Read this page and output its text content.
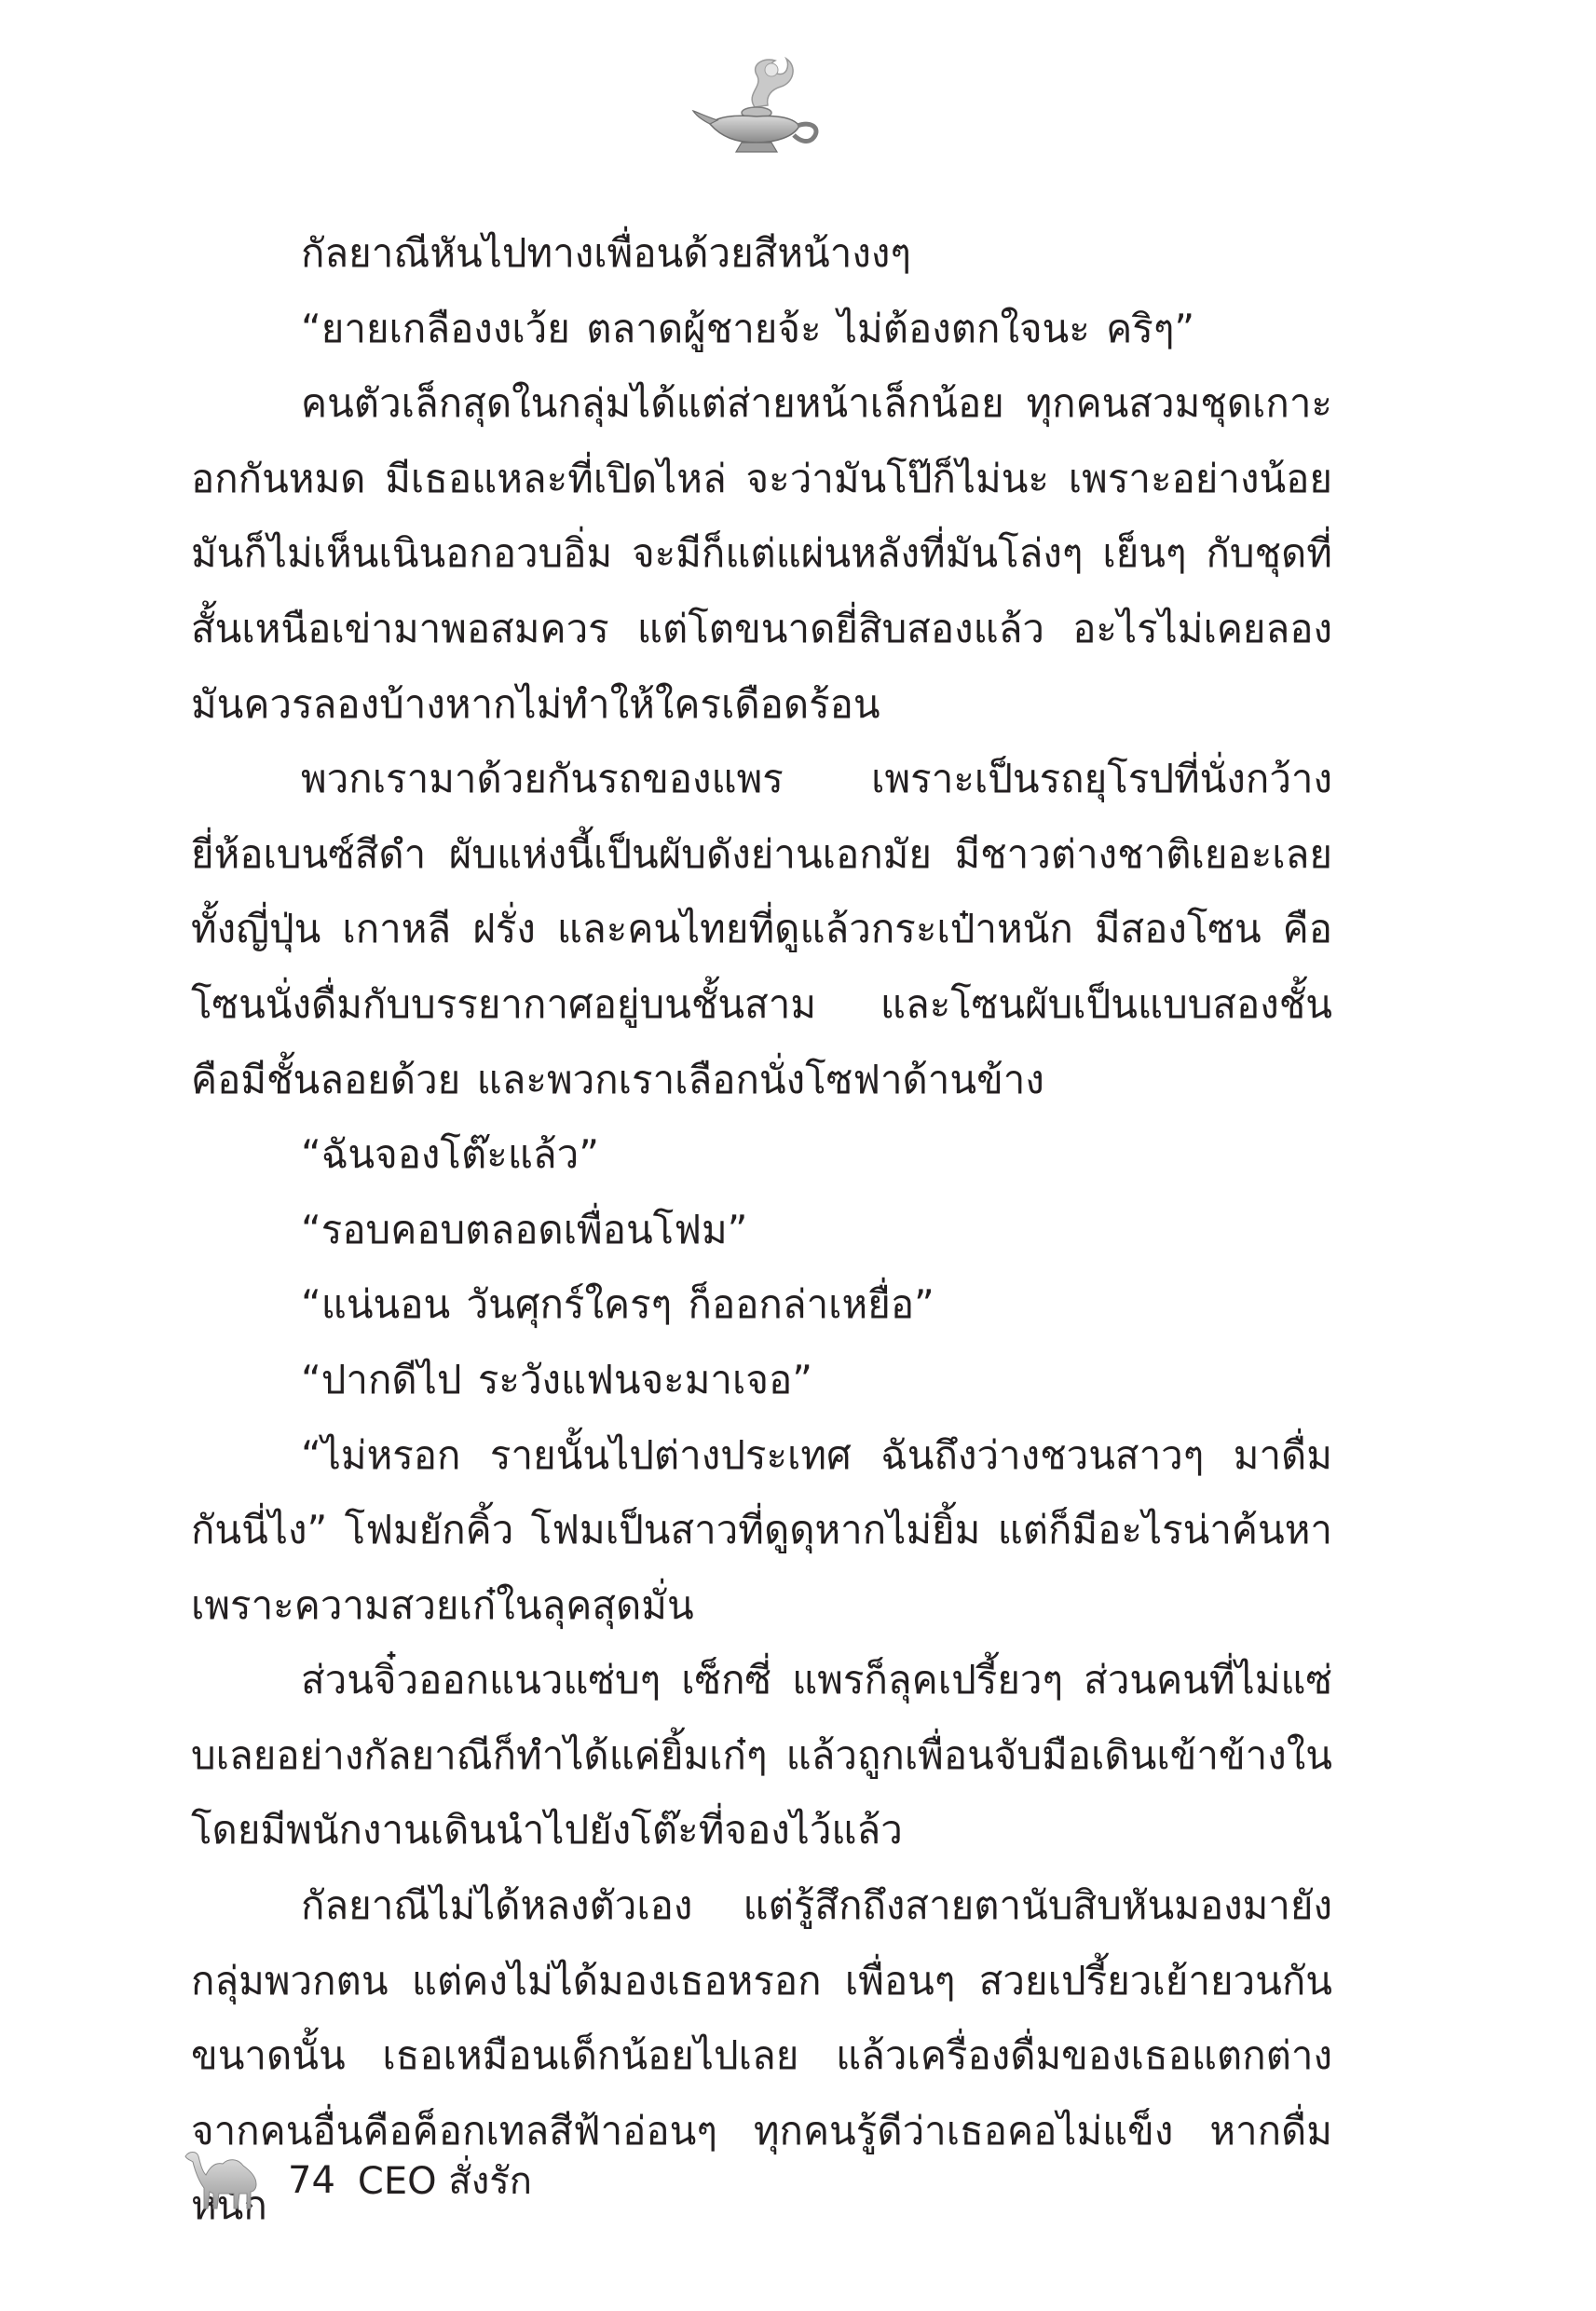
กัลยาณีหันไปทางเพื่อนด้วยสีหน้างงๆ

“ยายเกลืองงเว้ย ตลาดผู้ชายจ้ะ ไม่ต้องตกใจนะ คริๆ”

คนตัวเล็กสุดในกลุ่มได้แต่ส่ายหน้าเล็กน้อย ทุกคนสวมชุดเกาะอกกันหมด มีเธอแหละที่เปิดไหล่ จะว่ามันโป๊ก็ไม่นะ เพราะอย่างน้อยมันก็ไม่เห็นเนินอกอวบอิ่ม จะมีก็แต่แผ่นหลังที่มันโล่งๆ เย็นๆ กับชุดที่สั้นเหนือเข่ามาพอสมควร แต่โตขนาดยี่สิบสองแล้ว อะไรไม่เคยลองมันควรลองบ้างหากไม่ทำให้ใครเดือดร้อน

พวกเรามาด้วยกันรถของแพร เพราะเป็นรถยุโรปที่นั่งกว้าง ยี่ห้อเบนซ์สีดำ ผับแห่งนี้เป็นผับดังย่านเอกมัย มีชาวต่างชาติเยอะเลย ทั้งญี่ปุ่น เกาหลี ฝรั่ง และคนไทยที่ดูแล้วกระเป๋าหนัก มีสองโซน คือโซนนั่งดื่มกับบรรยากาศอยู่บนชั้นสาม และโซนผับเป็นแบบสองชั้น คือมีชั้นลอยด้วย และพวกเราเลือกนั่งโซฟาด้านข้าง

“ฉันจองโต๊ะแล้ว”

“รอบคอบตลอดเพื่อนโฟม”

“แน่นอน วันศุกร์ใครๆ ก็ออกล่าเหยื่อ”

“ปากดีไป ระวังแฟนจะมาเจอ”

“ไม่หรอก รายนั้นไปต่างประเทศ ฉันถึงว่างชวนสาวๆ มาดื่มกันนี่ไง” โฟมยักคิ้ว โฟมเป็นสาวที่ดูดุหากไม่ยิ้ม แต่ก็มีอะไรน่าค้นหาเพราะความสวยเก๋ในลุคสุดมั่น

ส่วนจิ๋วออกแนวแซ่บๆ เซ็กซี่ แพรก็ลุคเปรี้ยวๆ ส่วนคนที่ไม่แซ่บเลยอย่างกัลยาณีก็ทำได้แค่ยิ้มเก๋ๆ แล้วถูกเพื่อนจับมือเดินเข้าข้างในโดยมีพนักงานเดินนำไปยังโต๊ะที่จองไว้แล้ว

กัลยาณีไม่ได้หลงตัวเอง แต่รู้สึกถึงสายตานับสิบหันมองมายังกลุ่มพวกตน แต่คงไม่ได้มองเธอหรอก เพื่อนๆ สวยเปรี้ยวเย้ายวนกันขนาดนั้น เธอเหมือนเด็กน้อยไปเลย แล้วเครื่องดื่มของเธอแตกต่างจากคนอื่นคือค็อกเทลสีฟ้าอ่อนๆ ทุกคนรู้ดีว่าเธอคอไม่แข็ง หากดื่มหนัก

74 CEO สั่งรัก
